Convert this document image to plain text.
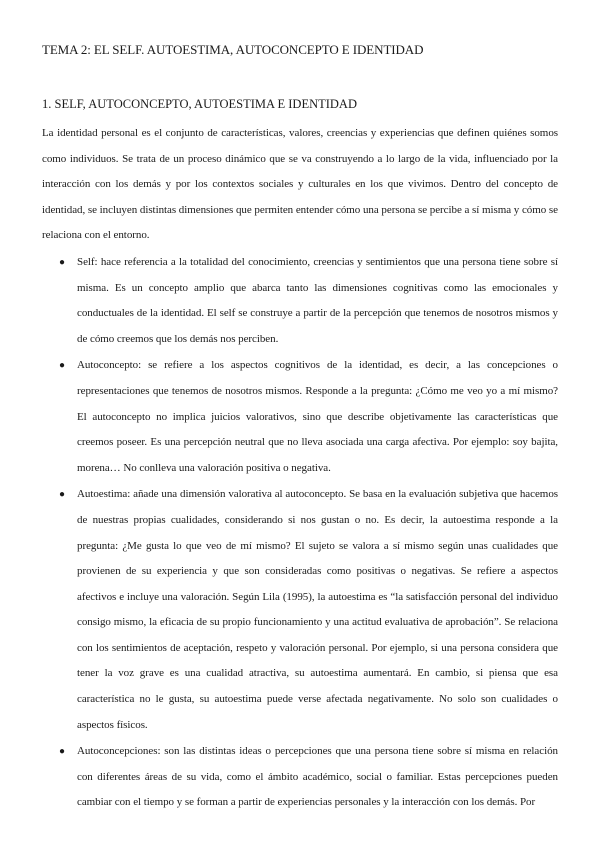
TEMA 2: EL SELF. AUTOESTIMA, AUTOCONCEPTO E IDENTIDAD
1. SELF, AUTOCONCEPTO, AUTOESTIMA E IDENTIDAD

La identidad personal es el conjunto de características, valores, creencias y experiencias que definen quiénes somos como individuos. Se trata de un proceso dinámico que se va construyendo a lo largo de la vida, influenciado por la interacción con los demás y por los contextos sociales y culturales en los que vivimos. Dentro del concepto de identidad, se incluyen distintas dimensiones que permiten entender cómo una persona se percibe a sí misma y cómo se relaciona con el entorno.

● Self: hace referencia a la totalidad del conocimiento, creencias y sentimientos que una persona tiene sobre sí misma. Es un concepto amplio que abarca tanto las dimensiones cognitivas como las emocionales y conductuales de la identidad. El self se construye a partir de la percepción que tenemos de nosotros mismos y de cómo creemos que los demás nos perciben.
● Autoconcepto: se refiere a los aspectos cognitivos de la identidad, es decir, a las concepciones o representaciones que tenemos de nosotros mismos. Responde a la pregunta: ¿Cómo me veo yo a mí mismo? El autoconcepto no implica juicios valorativos, sino que describe objetivamente las características que creemos poseer. Es una percepción neutral que no lleva asociada una carga afectiva. Por ejemplo: soy bajita, morena… No conlleva una valoración positiva o negativa.
● Autoestima: añade una dimensión valorativa al autoconcepto. Se basa en la evaluación subjetiva que hacemos de nuestras propias cualidades, considerando si nos gustan o no. Es decir, la autoestima responde a la pregunta: ¿Me gusta lo que veo de mí mismo? El sujeto se valora a sí mismo según unas cualidades que provienen de su experiencia y que son consideradas como positivas o negativas. Se refiere a aspectos afectivos e incluye una valoración. Según Lila (1995), la autoestima es “la satisfacción personal del individuo consigo mismo, la eficacia de su propio funcionamiento y una actitud evaluativa de aprobación”. Se relaciona con los sentimientos de aceptación, respeto y valoración personal. Por ejemplo, si una persona considera que tener la voz grave es una cualidad atractiva, su autoestima aumentará. En cambio, si piensa que esa característica no le gusta, su autoestima puede verse afectada negativamente. No solo son cualidades o aspectos físicos.
● Autoconcepciones: son las distintas ideas o percepciones que una persona tiene sobre sí misma en relación con diferentes áreas de su vida, como el ámbito académico, social o familiar. Estas percepciones pueden cambiar con el tiempo y se forman a partir de experiencias personales y la interacción con los demás. Por
